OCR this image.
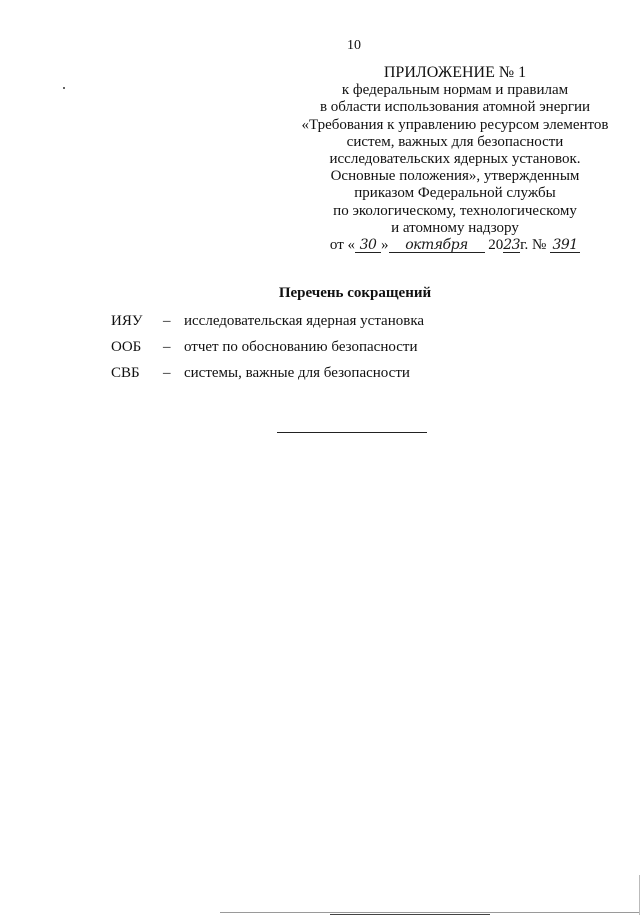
10
ПРИЛОЖЕНИЕ № 1
к федеральным нормам и правилам
в области использования атомной энергии
«Требования к управлению ресурсом элементов
систем, важных для безопасности
исследовательских ядерных установок.
Основные положения», утвержденным
приказом Федеральной службы
по экологическому, технологическому
и атомному надзору
от « 30 » октября 2023г. № 391
Перечень сокращений
ИЯУ – исследовательская ядерная установка
ООБ – отчет по обоснованию безопасности
СВБ – системы, важные для безопасности
